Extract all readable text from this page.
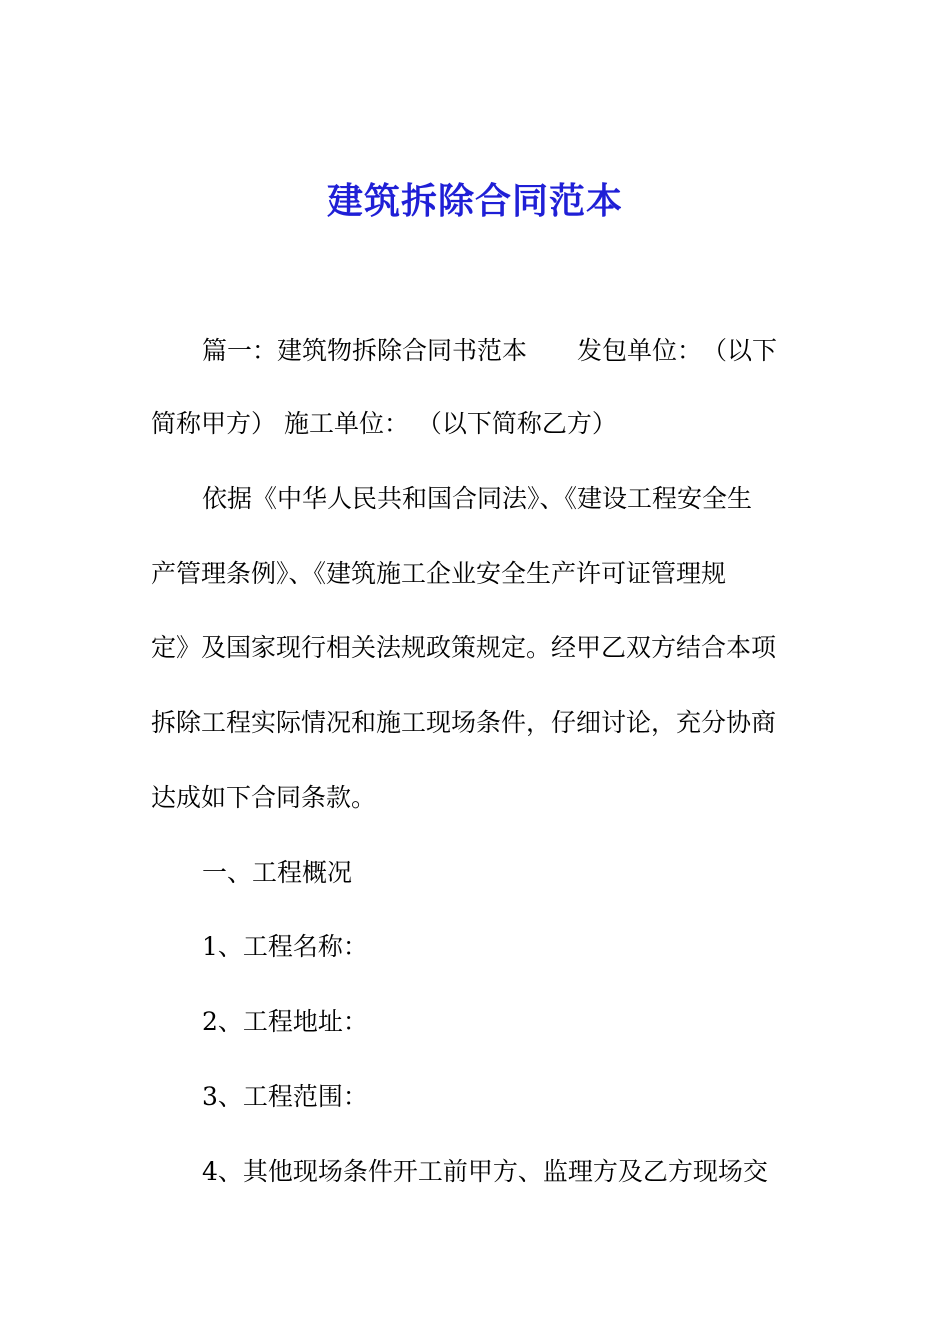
建筑拆除合同范本
篇一：建筑物拆除合同书范本　　发包单位：　（以下
简称甲方） 施工单位： （以下简称乙方）
依据《中华人民共和国合同法》、《建设工程安全生
产管理条例》、《建筑施工企业安全生产许可证管理规
定》及国家现行相关法规政策规定。经甲乙双方结合本项
拆除工程实际情况和施工现场条件，仔细讨论，充分协商
达成如下合同条款。
一、工程概况
1、工程名称：
2、工程地址：
3、工程范围：
4、其他现场条件开工前甲方、监理方及乙方现场交
